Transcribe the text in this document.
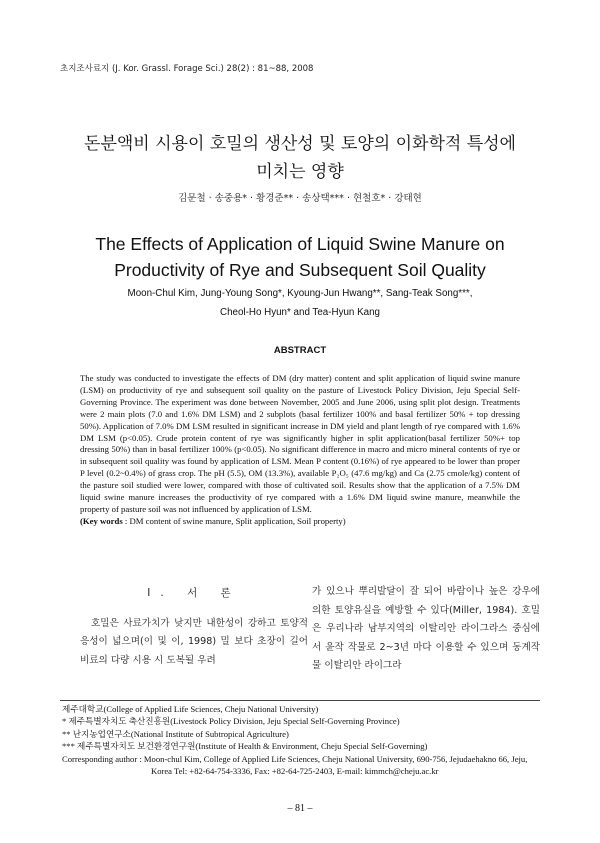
초지조사료지 (J. Kor. Grassl. Forage Sci.) 28(2) : 81~88, 2008
돈분액비 시용이 호밀의 생산성 및 토양의 이화학적 특성에
미치는 영향
김문철 · 송중용* · 황경준** · 송상택*** · 현철호* · 강태현
The Effects of Application of Liquid Swine Manure on
Productivity of Rye and Subsequent Soil Quality
Moon-Chul Kim, Jung-Young Song*, Kyoung-Jun Hwang**, Sang-Teak Song***,
Cheol-Ho Hyun* and Tea-Hyun Kang
ABSTRACT
The study was conducted to investigate the effects of DM (dry matter) content and split application of liquid swine manure (LSM) on productivity of rye and subsequent soil quality on the pasture of Livestock Policy Division, Jeju Special Self-Governing Province. The experiment was done between November, 2005 and June 2006, using split plot design. Treatments were 2 main plots (7.0 and 1.6% DM LSM) and 2 subplots (basal fertilizer 100% and basal fertilizer 50% + top dressing 50%). Application of 7.0% DM LSM resulted in significant increase in DM yield and plant length of rye compared with 1.6% DM LSM (p<0.05). Crude protein content of rye was significantly higher in split application(basal fertilizer 50%+ top dressing 50%) than in basal fertilizer 100% (p<0.05). No significant difference in macro and micro mineral contents of rye or in subsequent soil quality was found by application of LSM. Mean P content (0.16%) of rye appeared to be lower than proper P level (0.2~0.4%) of grass crop. The pH (5.5), OM (13.3%), available P₂O₅ (47.6 mg/kg) and Ca (2.75 cmole/kg) content of the pasture soil studied were lower, compared with those of cultivated soil. Results show that the application of a 7.5% DM liquid swine manure increases the productivity of rye compared with a 1.6% DM liquid swine manure, meanwhile the property of pasture soil was not influenced by application of LSM.
(Key words : DM content of swine manure, Split application, Soil property)
I. 서 론
호밀은 사료가치가 낮지만 내한성이 강하고 토양적응성이 넓으며(이 및 이, 1998) 밀 보다 초장이 길어 비료의 다량 시용 시 도복될 우려
가 있으나 뿌리발달이 잘 되어 바람이나 높은 강우에 의한 토양유실을 예방할 수 있다(Miller, 1984). 호밀은 우리나라 남부지역의 이탈리안 라이그라스 중심에서 윤작 작물로 2~3년 마다 이용할 수 있으며 동계작물 이탈리안 라이그라
제주대학교(College of Applied Life Sciences, Cheju National University)
* 제주특별자치도 축산진흥원(Livestock Policy Division, Jeju Special Self-Governing Province)
** 난지농업연구소(National Institute of Subtropical Agriculture)
*** 제주특별자치도 보건환경연구원(Institute of Health & Environment, Cheju Special Self-Governing)
Corresponding author : Moon-chul Kim, College of Applied Life Sciences, Cheju National University, 690-756, Jejudaehakno 66, Jeju, Korea Tel: +82-64-754-3336, Fax: +82-64-725-2403, E-mail: kimmch@cheju.ac.kr
– 81 –
